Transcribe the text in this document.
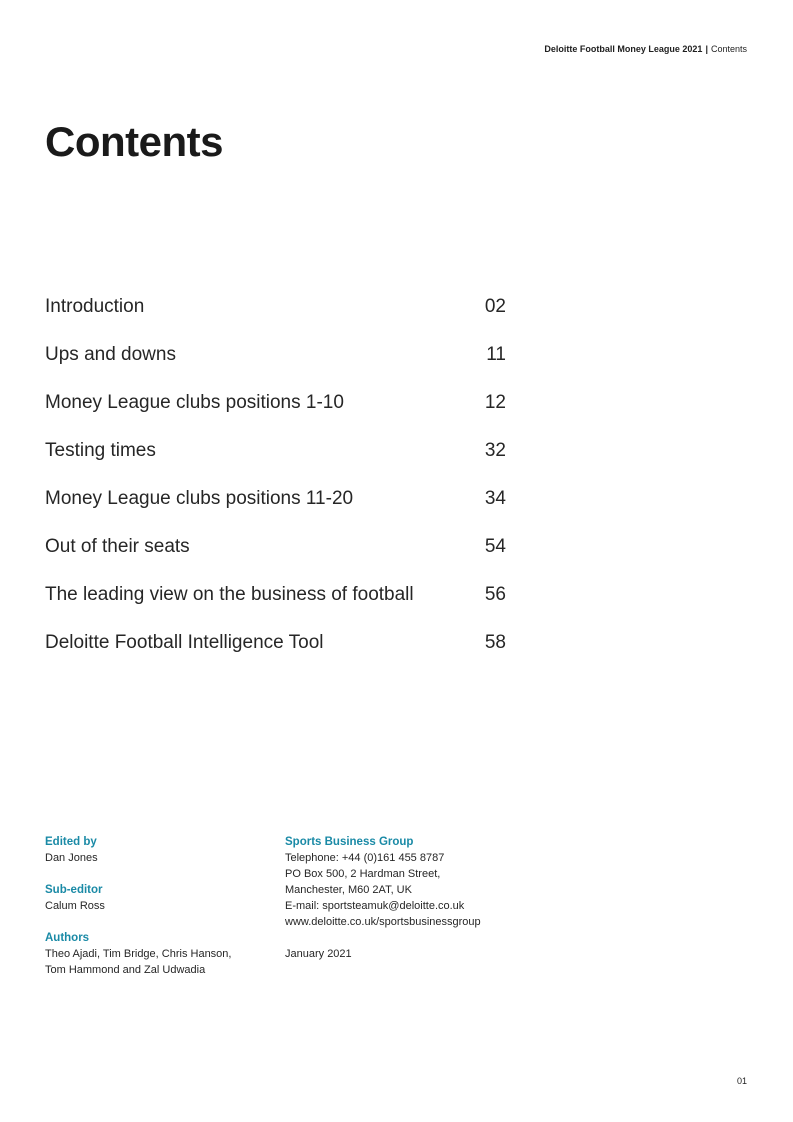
Deloitte Football Money League 2021 | Contents
Contents
Introduction	02
Ups and downs	11
Money League clubs positions 1-10	12
Testing times	32
Money League clubs positions 11-20	34
Out of their seats	54
The leading view on the business of football	56
Deloitte Football Intelligence Tool	58
Edited by
Dan Jones
Sub-editor
Calum Ross
Authors
Theo Ajadi, Tim Bridge, Chris Hanson,
Tom Hammond and Zal Udwadia
Sports Business Group
Telephone: +44 (0)161 455 8787
PO Box 500, 2 Hardman Street,
Manchester, M60 2AT, UK
E-mail: sportsteamuk@deloitte.co.uk
www.deloitte.co.uk/sportsbusinessgroup
January 2021
01
